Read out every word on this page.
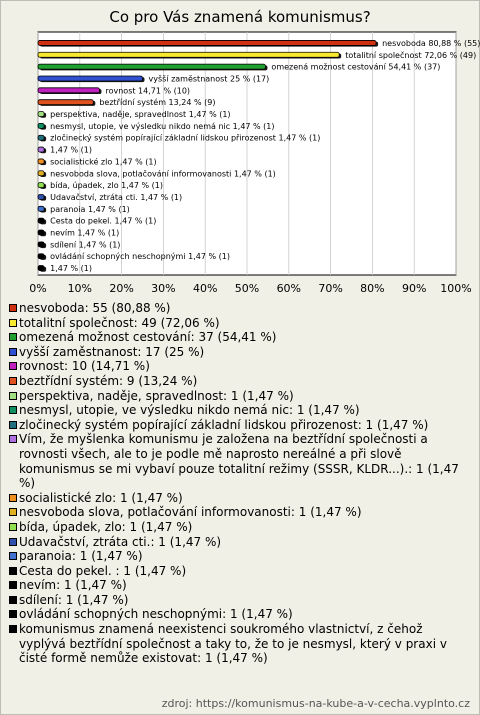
Co pro Vás znamená komunismus?
0% 10% 20% 30% 40% 50% 60% 70% 80% 90% 100%
nesvoboda 80,88 % (55)
totalitní společnost 72,06 % (49)
omezená možnost cestování 54,41 % (37)
vyšší zaměstnanost 25 % (17)
rovnost 14,71 % (10)
beztřídní systém 13,24 % (9)
perspektiva, naděje, spravedlnost 1,47 % (1)
nesmysl, utopie, ve výsledku nikdo nemá nic 1,47 % (1)
zločinecký systém popírající základní lidskou přirozenost 1,47 % (1)
1,47 % (1)
socialistické zlo 1,47 % (1)
nesvoboda slova, potlačování informovanosti 1,47 % (1)
bída, úpadek, zlo 1,47 % (1)
Udavačství, ztráta cti. 1,47 % (1)
paranoia 1,47 % (1)
Cesta do pekel. 1,47 % (1)
nevím 1,47 % (1)
sdílení 1,47 % (1)
ovládání schopných neschopnými 1,47 % (1)
1,47 % (1)
nesvoboda: 55 (80,88 %)
totalitní společnost: 49 (72,06 %)
omezená možnost cestování: 37 (54,41 %)
vyšší zaměstnanost: 17 (25 %)
rovnost: 10 (14,71 %)
beztřídní systém: 9 (13,24 %)
perspektiva, naděje, spravedlnost: 1 (1,47 %)
nesmysl, utopie, ve výsledku nikdo nemá nic: 1 (1,47 %)
zločinecký systém popírající základní lidskou přirozenost: 1 (1,47 %)
Vím, že myšlenka komunismu je založena na beztřídní společnosti a rovnosti všech, ale to je podle mě naprosto nereálné a při slově komunismus se mi vybaví pouze totalitní režimy (SSSR, KLDR...).: 1 (1,47 %)
socialistické zlo: 1 (1,47 %)
nesvoboda slova, potlačování informovanosti: 1 (1,47 %)
bída, úpadek, zlo: 1 (1,47 %)
Udavačství, ztráta cti.: 1 (1,47 %)
paranoia: 1 (1,47 %)
Cesta do pekel. : 1 (1,47 %)
nevím: 1 (1,47 %)
sdílení: 1 (1,47 %)
ovládání schopných neschopnými: 1 (1,47 %)
komunismus znamená neexistenci soukromého vlastnictví, z čehož vyplývá beztřídní společnost a taky to, že to je nesmysl, který v praxi v čisté formě nemůže existovat: 1 (1,47 %)
zdroj: https://komunismus-na-kube-a-v-cecha.vyplnto.cz
